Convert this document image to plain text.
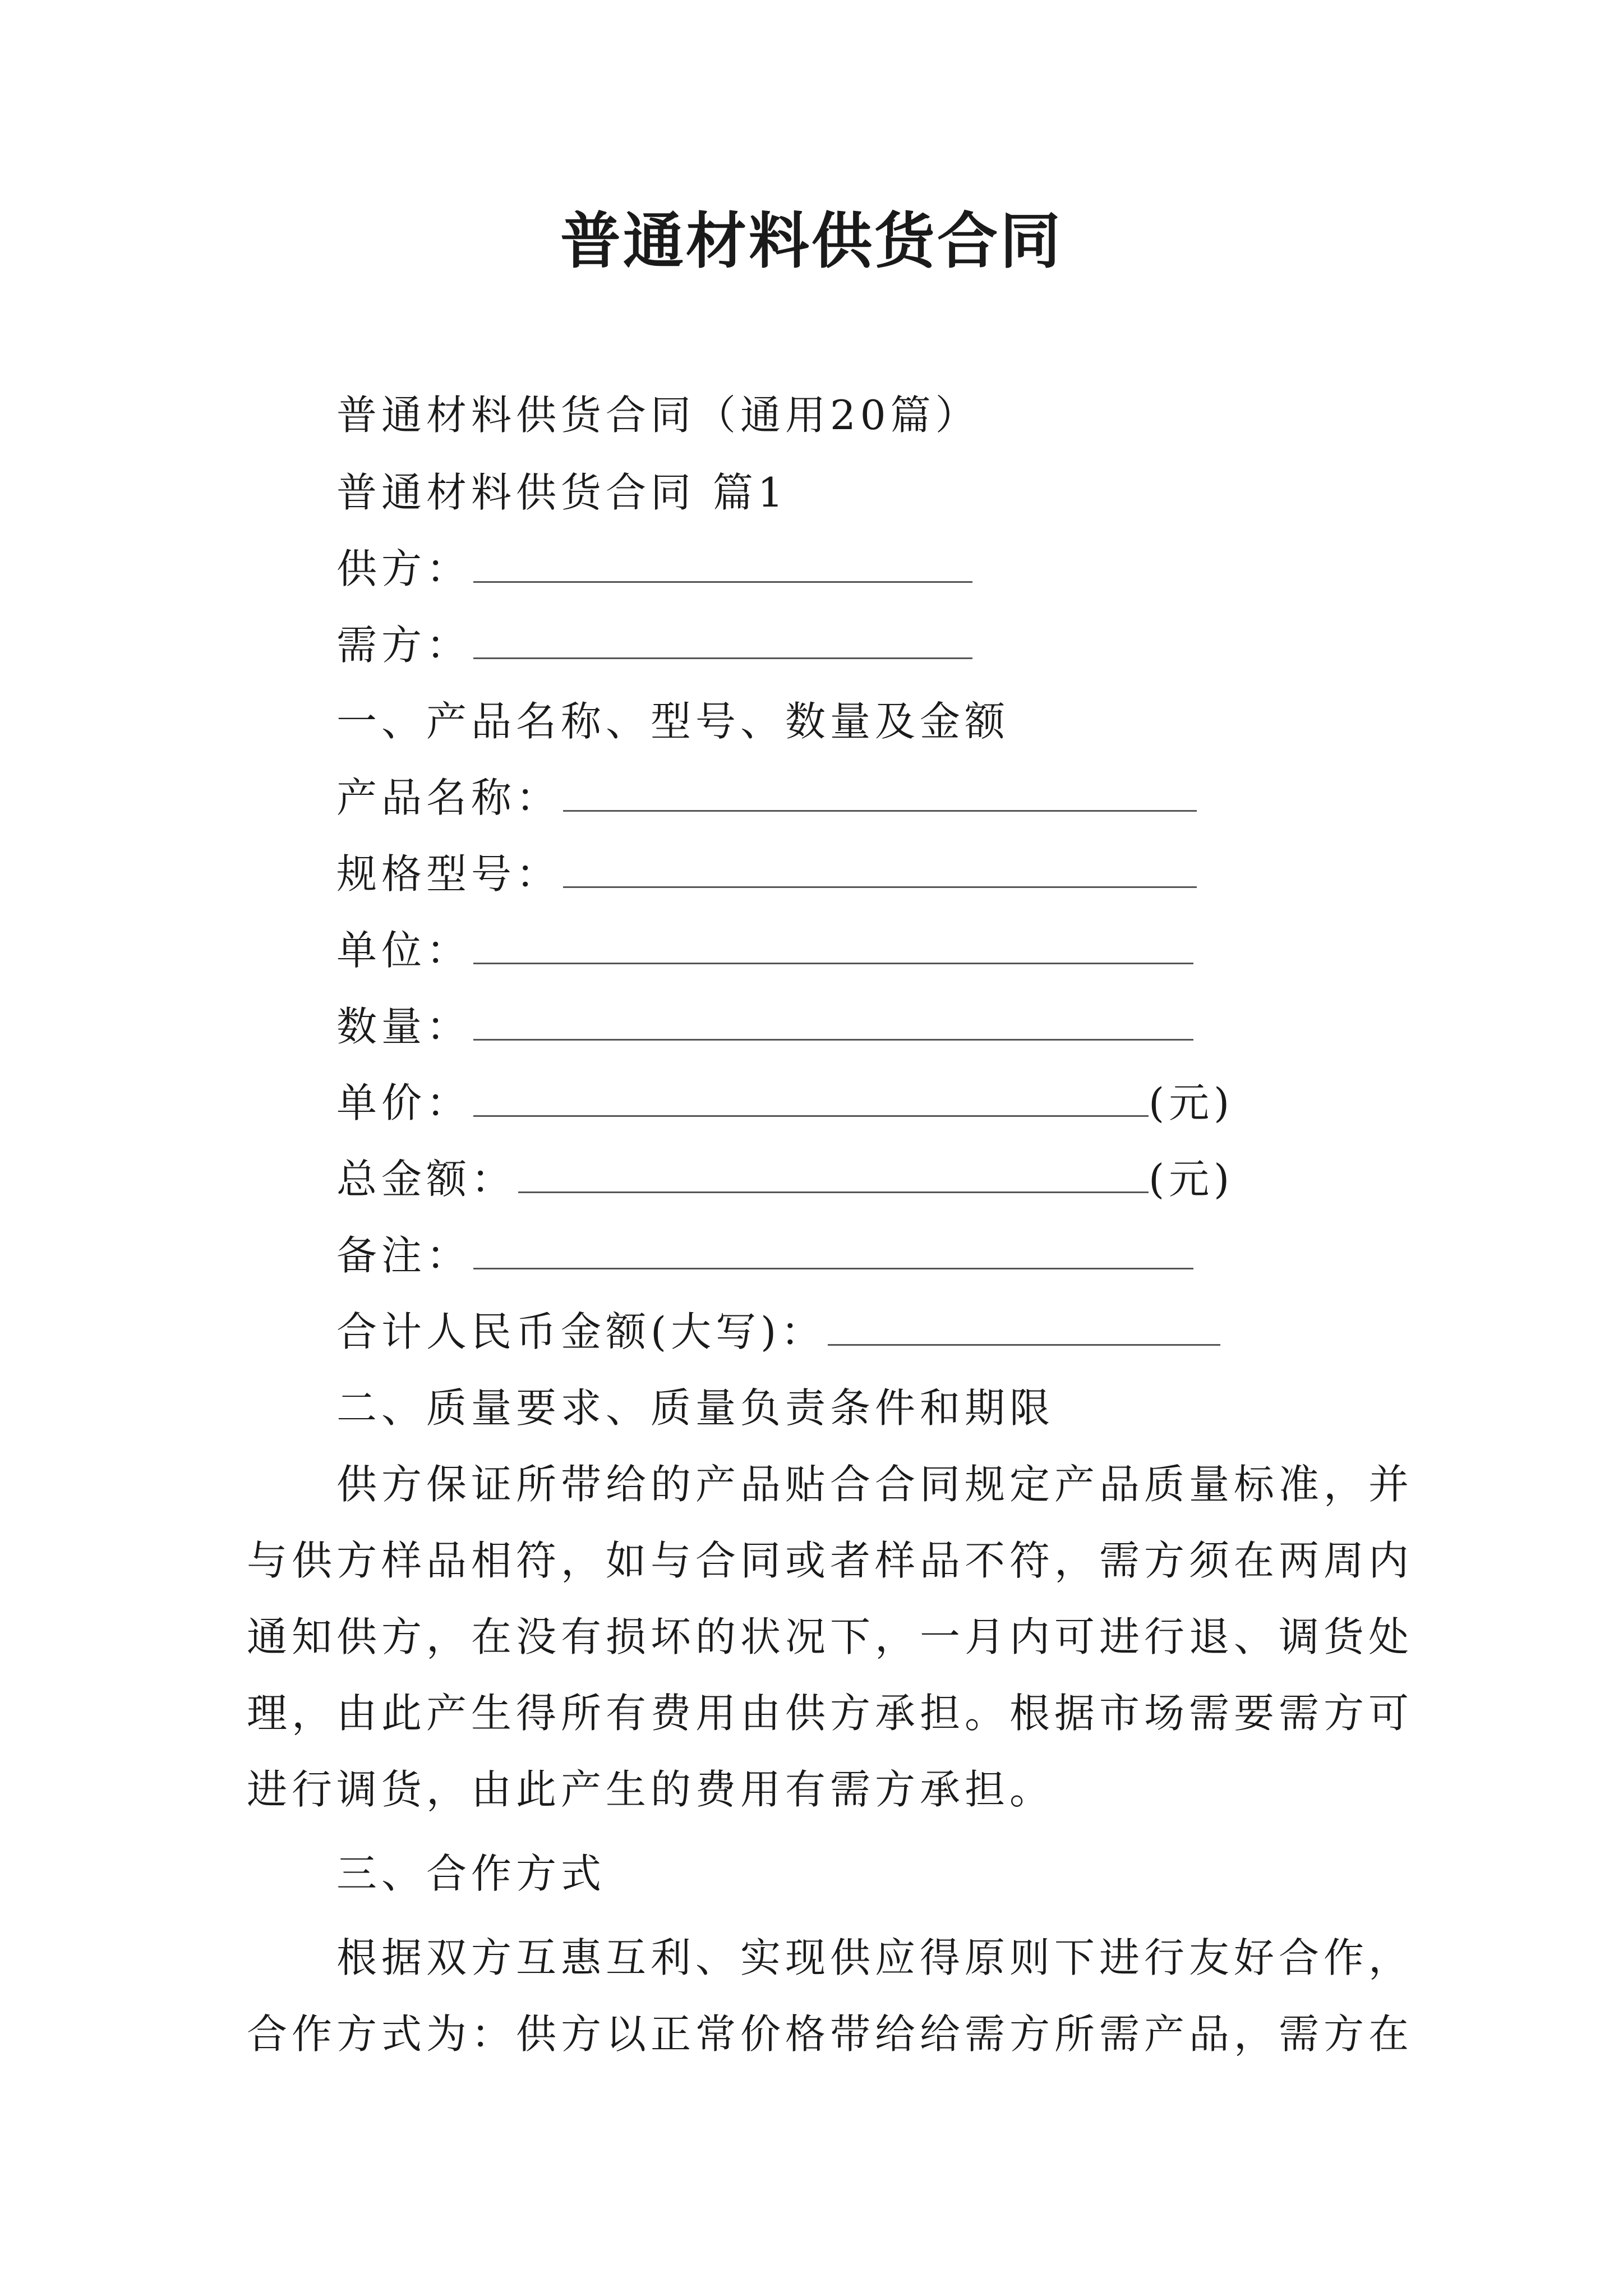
普通材料供货合同
普通材料供货合同（通用20篇）
普通材料供货合同 篇1
供方：
需方：
一、产品名称、型号、数量及金额
产品名称：
规格型号：
单位：
数量：
单价：	(元)
总金额：	(元)
备注：
合计人民币金额(大写)：
二、质量要求、质量负责条件和期限
供方保证所带给的产品贴合合同规定产品质量标准，并
与供方样品相符，如与合同或者样品不符，需方须在两周内
通知供方，在没有损坏的状况下，一月内可进行退、调货处
理，由此产生得所有费用由供方承担。根据市场需要需方可
进行调货，由此产生的费用有需方承担。
三、合作方式
根据双方互惠互利、实现供应得原则下进行友好合作，
合作方式为：供方以正常价格带给给需方所需产品，需方在
